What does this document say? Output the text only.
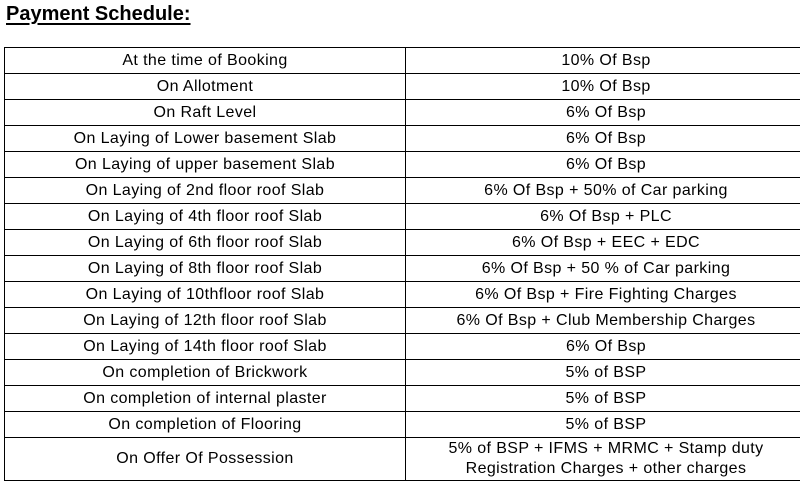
Payment Schedule:
At the time of Booking	10% Of Bsp
On Allotment	10% Of Bsp
On Raft Level	6% Of Bsp
On Laying of Lower basement Slab	6% Of Bsp
On Laying of upper basement Slab	6% Of Bsp
On Laying of 2nd floor roof Slab	6% Of Bsp + 50% of Car parking
On Laying of 4th floor roof Slab	6% Of Bsp + PLC
On Laying of 6th floor roof Slab	6% Of Bsp + EEC + EDC
On Laying of 8th floor roof Slab	6% Of Bsp + 50 % of Car parking
On Laying of 10thfloor roof Slab	6% Of Bsp + Fire Fighting Charges
On Laying of 12th floor roof Slab	6% Of Bsp + Club Membership Charges
On Laying of 14th floor roof Slab	6% Of Bsp
On completion of Brickwork	5% of BSP
On completion of internal plaster	5% of BSP
On completion of Flooring	5% of BSP
On Offer Of Possession	5% of BSP + IFMS + MRMC + Stamp duty Registration Charges + other charges
